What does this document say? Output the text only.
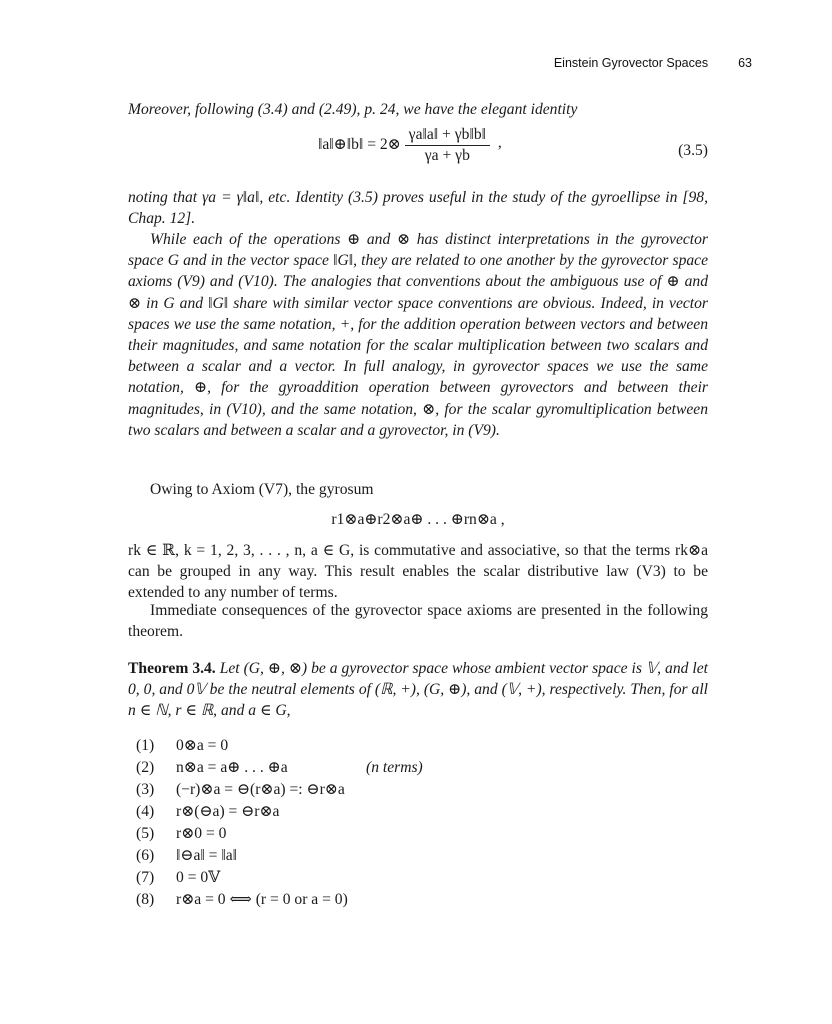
Einstein Gyrovector Spaces 63
Moreover, following (3.4) and (2.49), p. 24, we have the elegant identity
‖a‖⊕‖b‖ = 2⊗ $\frac{\gamma a‖a‖ + \gamma b‖b‖}{\gamma a + \gamma b}$ ,	(3.5)
noting that γa = γ‖a‖, etc. Identity (3.5) proves useful in the study of the gyroellipse in [98, Chap. 12].
While each of the operations ⊕ and ⊗ has distinct interpretations in the gyrovector space G and in the vector space ‖G‖, they are related to one another by the gyrovector space axioms (V9) and (V10). The analogies that conventions about the ambiguous use of ⊕ and ⊗ in G and ‖G‖ share with similar vector space conventions are obvious. Indeed, in vector spaces we use the same notation, +, for the addition operation between vectors and between their magnitudes, and same notation for the scalar multiplication between two scalars and between a scalar and a vector. In full analogy, in gyrovector spaces we use the same notation, ⊕, for the gyroaddition operation between gyrovectors and between their magnitudes, in (V10), and the same notation, ⊗, for the scalar gyromultiplication between two scalars and between a scalar and a gyrovector, in (V9).
Owing to Axiom (V7), the gyrosum
r1⊗a⊕r2⊗a⊕ . . . ⊕rn⊗a ,
rk ∈ ℝ, k = 1, 2, 3, . . . , n, a ∈ G, is commutative and associative, so that the terms rk⊗a can be grouped in any way. This result enables the scalar distributive law (V3) to be extended to any number of terms.
Immediate consequences of the gyrovector space axioms are presented in the following theorem.
Theorem 3.4. Let (G, ⊕, ⊗) be a gyrovector space whose ambient vector space is 𝕍, and let 0, 0, and 0𝕍 be the neutral elements of (ℝ, +), (G, ⊕), and (𝕍, +), respectively. Then, for all n ∈ ℕ, r ∈ ℝ, and a ∈ G,
(1)	0⊗a = 0
(2)	n⊗a = a⊕ . . . ⊕a	(n terms)
(3)	(−r)⊗a = ⊖(r⊗a) =: ⊖r⊗a
(4)	r⊗(⊖a) = ⊖r⊗a
(5)	r⊗0 = 0
(6)	‖⊖a‖ = ‖a‖
(7)	0 = 0𝕍
(8)	r⊗a = 0 ⟺ (r = 0 or a = 0)
